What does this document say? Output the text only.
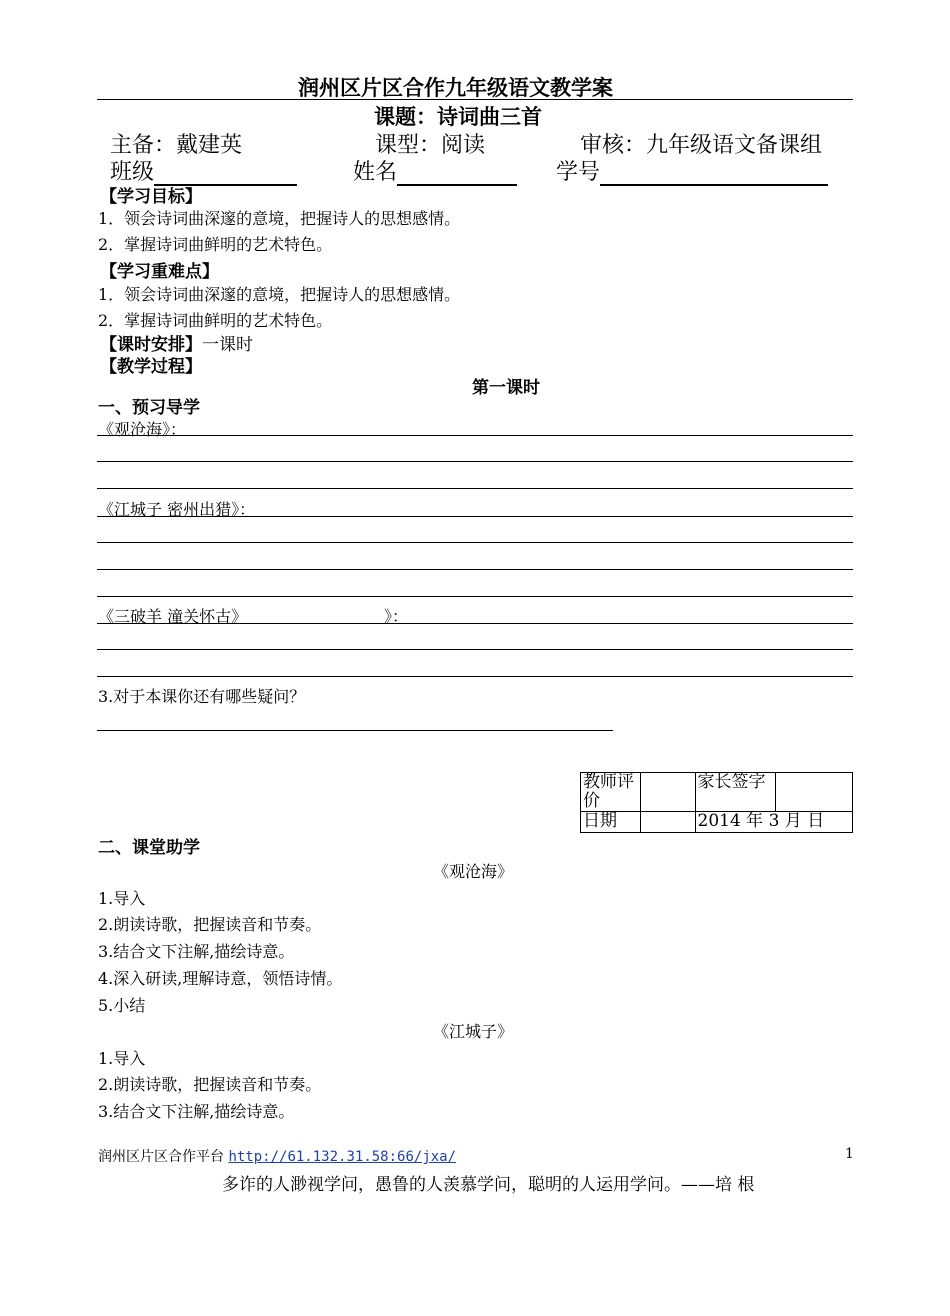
润州区片区合作九年级语文教学案
课题：诗词曲三首
主备：戴建英	课型：阅读	审核：九年级语文备课组
班级	姓名	学号
【学习目标】
1．领会诗词曲深邃的意境，把握诗人的思想感情。
2．掌握诗词曲鲜明的艺术特色。
【学习重难点】
1．领会诗词曲深邃的意境，把握诗人的思想感情。
2．掌握诗词曲鲜明的艺术特色。
【课时安排】一课时
【教学过程】
第一课时
一、预习导学
《观沧海》：
《江城子 密州出猎》：
《三破羊 潼关怀古》	》：
3.对于本课你还有哪些疑问？
教师评价		家长签字	
日期		2014 年 3 月 日	
二、课堂助学
《观沧海》
1.导入
2.朗读诗歌，把握读音和节奏。
3.结合文下注解,描绘诗意。
4.深入研读,理解诗意，领悟诗情。
5.小结
《江城子》
1.导入
2.朗读诗歌，把握读音和节奏。
3.结合文下注解,描绘诗意。
润州区片区合作平台 http://61.132.31.58:66/jxa/	1
多诈的人渺视学问，愚鲁的人羡慕学问，聪明的人运用学问。——培 根
